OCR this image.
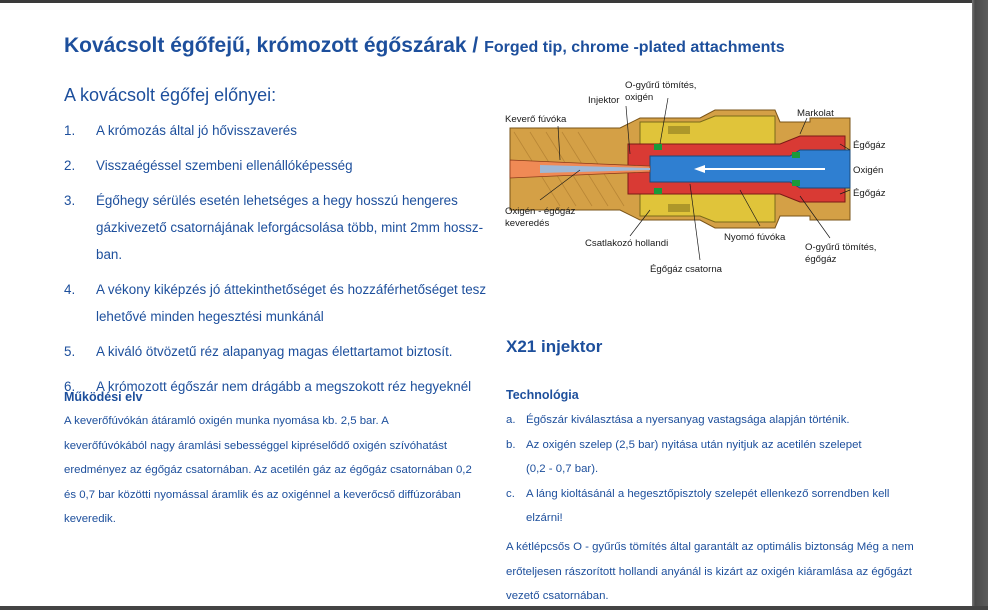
Kovácsolt égőfejű, krómozott égőszárak / Forged tip, chrome -plated attachments
A kovácsolt égőfej előnyei:
1.	A krómozás által jó hővisszaverés
2.	Visszaégéssel szembeni ellenállóképesség
3.	Égőhegy sérülés esetén lehetséges a hegy hosszú hengeres gázkivezető csatornájának leforgácsolása több, mint 2mm hossz-ban.
4.	A vékony kiképzés jó áttekinthetőséget és hozzáférhetőséget tesz lehetővé minden hegesztési munkánál
5.	A kiváló ötvözetű réz alapanyag magas élettartamot biztosít.
6.	A krómozott égőszár nem drágább a megszokott réz hegyeknél
Működési elv
A keverőfúvókán átáramló oxigén munka nyomása kb. 2,5 bar. A keverőfúvókából nagy áramlási sebességgel kipréselődő oxigén szívóhatást eredményez az égőgáz csatornában. Az acetilén gáz az égőgáz csatornában 0,2 és 0,7 bar közötti nyomással áramlik és az oxigénnel a keverőcső diffúzorában keveredik.
O-gyűrű tömítés,
oxigén
Injektor
Keverő fúvóka
Markolat
Égőgáz
Oxigén
Égőgáz
Oxigén - égőgáz
keveredés
Csatlakozó hollandi
Nyomó fúvóka
O-gyűrű tömítés,
égőgáz
Égőgáz csatorna
X21 injektor
Technológia
a. Égőszár kiválasztása a nyersanyag vastagsága alapján történik.
b. Az oxigén szelep (2,5 bar) nyitása után nyitjuk az acetilén szelepet
(0,2 - 0,7 bar).
c. A láng kioltásánál a hegesztőpisztoly szelepét ellenkező sorrendben kell
elzárni!
A kétlépcsős O - gyűrűs tömítés által garantált az optimális biztonság Még a nem erőteljesen rászorított hollandi anyánál is kizárt az oxigén kiáramlása az égőgázt vezető csatornában.
